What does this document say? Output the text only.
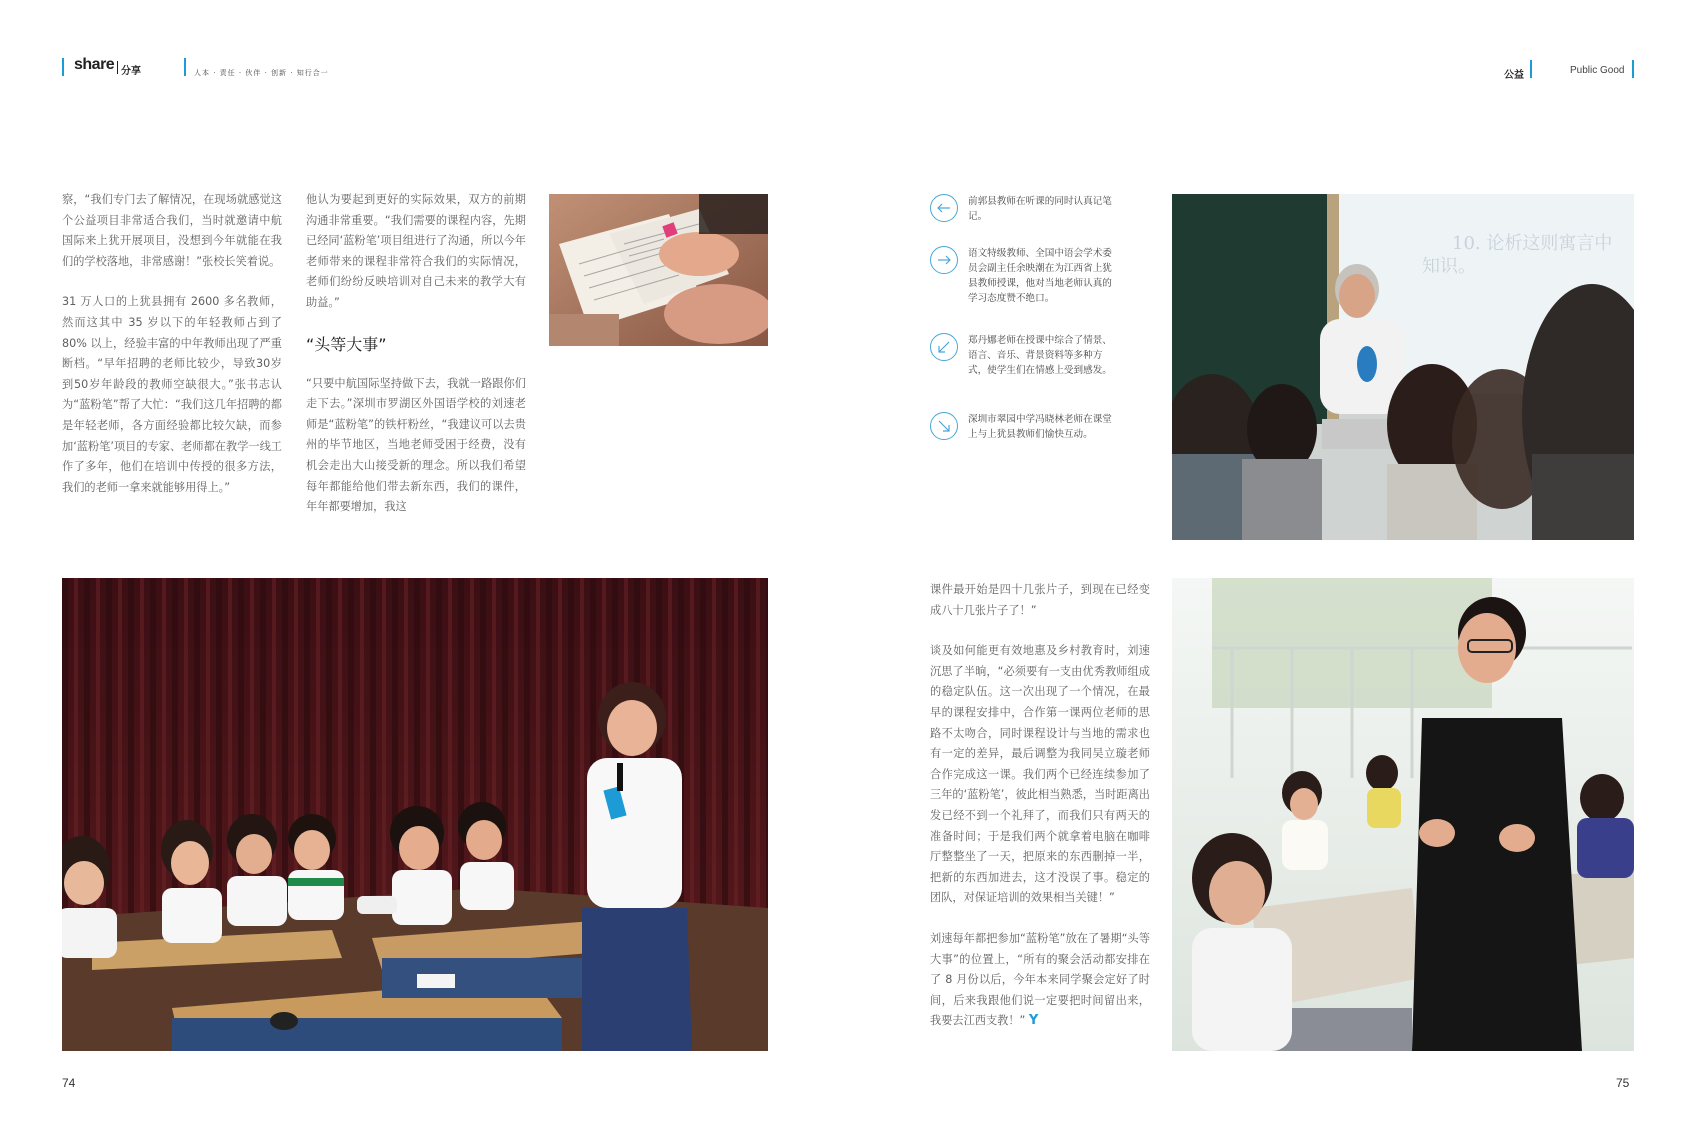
share 分享	人本 · 责任 · 伙伴 · 创新 · 知行合一	公益	Public Good

察，“我们专门去了解情况，在现场就感觉这个公益项目非常适合我们，当时就邀请中航国际来上犹开展项目，没想到今年就能在我们的学校落地，非常感谢！”张校长笑着说。

31 万人口的上犹县拥有 2600 多名教师，然而这其中 35 岁以下的年轻教师占到了 80% 以上，经验丰富的中年教师出现了严重断档。“早年招聘的老师比较少，导致30岁到50岁年龄段的教师空缺很大。”张书志认为“蓝粉笔”帮了大忙：“我们这几年招聘的都是年轻老师，各方面经验都比较欠缺，而参加‘蓝粉笔’项目的专家、老师都在教学一线工作了多年，他们在培训中传授的很多方法，我们的老师一拿来就能够用得上。”

他认为要起到更好的实际效果，双方的前期沟通非常重要。“我们需要的课程内容，先期已经同‘蓝粉笔’项目组进行了沟通，所以今年老师带来的课程非常符合我们的实际情况，老师们纷纷反映培训对自己未来的教学大有助益。”

“头等大事”

“只要中航国际坚持做下去，我就一路跟你们走下去。”深圳市罗湖区外国语学校的刘速老师是“蓝粉笔”的铁杆粉丝，“我建议可以去贵州的毕节地区，当地老师受困于经费，没有机会走出大山接受新的理念。所以我们希望每年都能给他们带去新东西，我们的课件，年年都要增加，我这

74
前郭县教师在听课的同时认真记笔记。
语文特级教师、全国中语会学术委员会副主任余映潮在为江西省上犹县教师授课，他对当地老师认真的学习态度赞不绝口。
郑丹娜老师在授课中综合了情景、语言、音乐、背景资料等多种方式，使学生们在情感上受到感发。
深圳市翠园中学冯晓林老师在课堂上与上犹县教师们愉快互动。
10. 论析这则寓言中
知识。

课件最开始是四十几张片子，到现在已经变成八十几张片子了！”

谈及如何能更有效地惠及乡村教育时，刘速沉思了半晌，“必须要有一支由优秀教师组成的稳定队伍。这一次出现了一个情况，在最早的课程安排中，合作第一课两位老师的思路不太吻合，同时课程设计与当地的需求也有一定的差异，最后调整为我同吴立璇老师合作完成这一课。我们两个已经连续参加了三年的‘蓝粉笔’，彼此相当熟悉，当时距离出发已经不到一个礼拜了，而我们只有两天的准备时间；于是我们两个就拿着电脑在咖啡厅整整坐了一天，把原来的东西删掉一半，把新的东西加进去，这才没误了事。稳定的团队，对保证培训的效果相当关键！”

刘速每年都把参加“蓝粉笔”放在了暑期“头等大事”的位置上，“所有的聚会活动都安排在了 8 月份以后，今年本来同学聚会定好了时间，后来我跟他们说一定要把时间留出来，我要去江西支教！” Y

75
